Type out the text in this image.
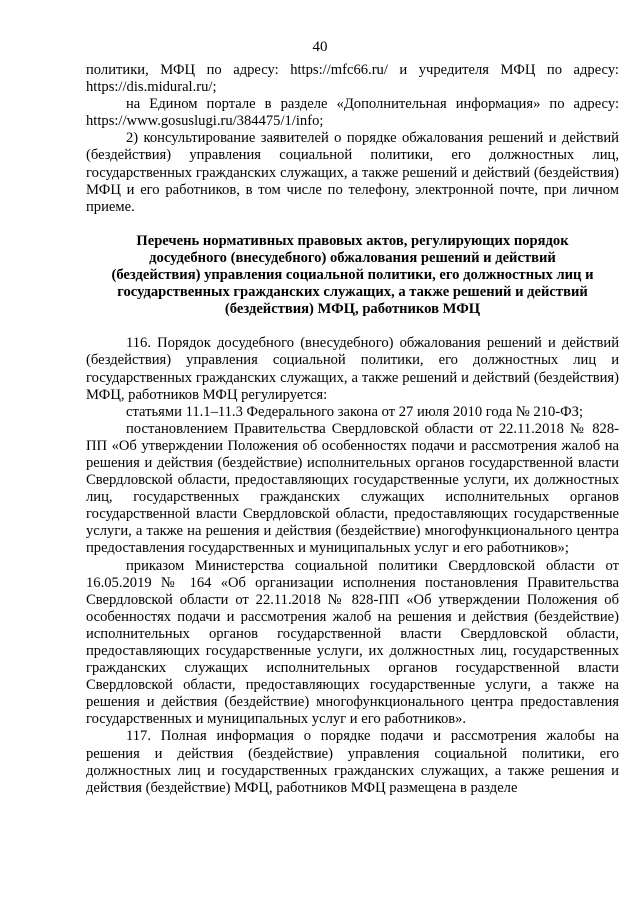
40

политики, МФЦ по адресу: https://mfc66.ru/ и учредителя МФЦ по адресу: https://dis.midural.ru/;

на Едином портале в разделе «Дополнительная информация» по адресу: https://www.gosuslugi.ru/384475/1/info;

2) консультирование заявителей о порядке обжалования решений и действий (бездействия) управления социальной политики, его должностных лиц, государственных гражданских служащих, а также решений и действий (бездействия) МФЦ и его работников, в том числе по телефону, электронной почте, при личном приеме.

Перечень нормативных правовых актов, регулирующих порядок досудебного (внесудебного) обжалования решений и действий (бездействия) управления социальной политики, его должностных лиц и государственных гражданских служащих, а также решений и действий (бездействия) МФЦ, работников МФЦ

116. Порядок досудебного (внесудебного) обжалования решений и действий (бездействия) управления социальной политики, его должностных лиц и государственных гражданских служащих, а также решений и действий (бездействия) МФЦ, работников МФЦ регулируется:

статьями 11.1–11.3 Федерального закона от 27 июля 2010 года № 210-ФЗ;

постановлением Правительства Свердловской области от 22.11.2018 № 828-ПП «Об утверждении Положения об особенностях подачи и рассмотрения жалоб на решения и действия (бездействие) исполнительных органов государственной власти Свердловской области, предоставляющих государственные услуги, их должностных лиц, государственных гражданских служащих исполнительных органов государственной власти Свердловской области, предоставляющих государственные услуги, а также на решения и действия (бездействие) многофункционального центра предоставления государственных и муниципальных услуг и его работников»;

приказом Министерства социальной политики Свердловской области от 16.05.2019 № 164 «Об организации исполнения постановления Правительства Свердловской области от 22.11.2018 № 828-ПП «Об утверждении Положения об особенностях подачи и рассмотрения жалоб на решения и действия (бездействие) исполнительных органов государственной власти Свердловской области, предоставляющих государственные услуги, их должностных лиц, государственных гражданских служащих исполнительных органов государственной власти Свердловской области, предоставляющих государственные услуги, а также на решения и действия (бездействие) многофункционального центра предоставления государственных и муниципальных услуг и его работников».

117. Полная информация о порядке подачи и рассмотрения жалобы на решения и действия (бездействие) управления социальной политики, его должностных лиц и государственных гражданских служащих, а также решения и действия (бездействие) МФЦ, работников МФЦ размещена в разделе
